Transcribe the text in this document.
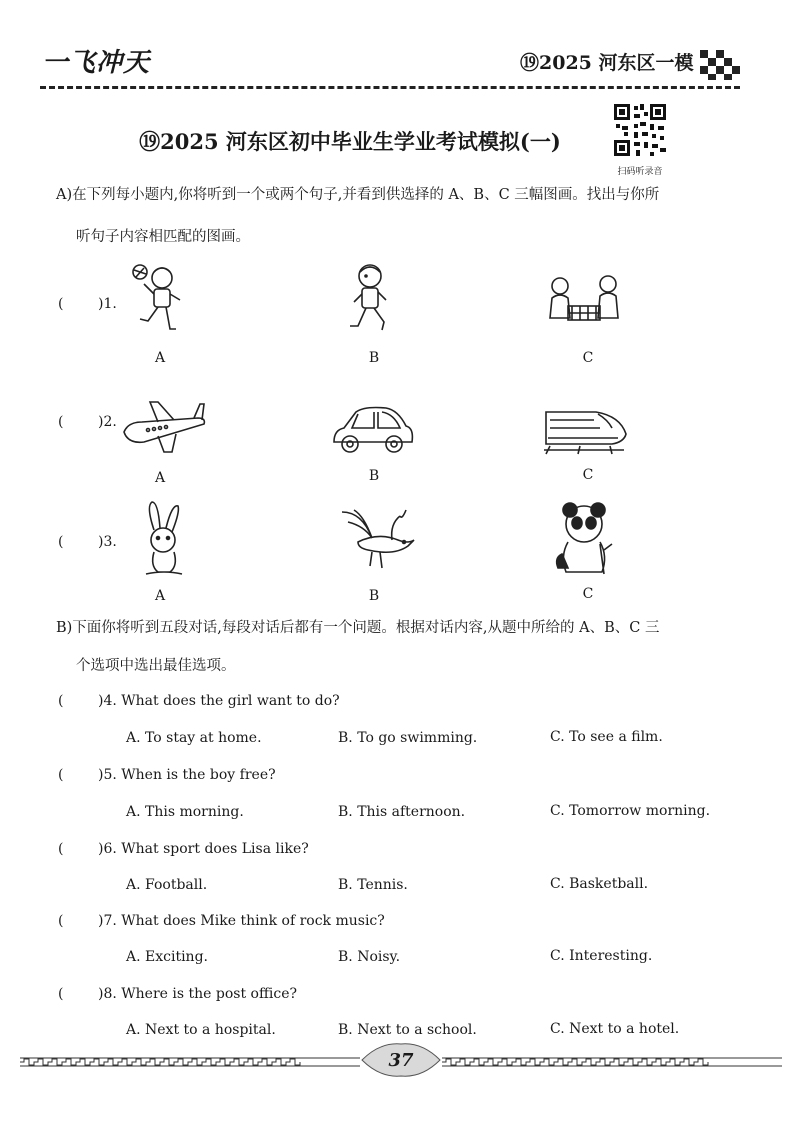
一飞冲天	⑲2025 河东区一模
⑲2025 河东区初中毕业生学业考试模拟(一)
扫码听录音
A)在下列每小题内,你将听到一个或两个句子,并看到供选择的 A、B、C 三幅图画。找出与你所
听句子内容相匹配的图画。
( )1.
A	B	C
( )2.
A	B	C
( )3.
A	B	C
B)下面你将听到五段对话,每段对话后都有一个问题。根据对话内容,从题中所给的 A、B、C 三
个选项中选出最佳选项。
( )4. What does the girl want to do?
A. To stay at home.	B. To go swimming.	C. To see a film.
( )5. When is the boy free?
A. This morning.	B. This afternoon.	C. Tomorrow morning.
( )6. What sport does Lisa like?
A. Football.	B. Tennis.	C. Basketball.
( )7. What does Mike think of rock music?
A. Exciting.	B. Noisy.	C. Interesting.
( )8. Where is the post office?
A. Next to a hospital.	B. Next to a school.	C. Next to a hotel.
37
